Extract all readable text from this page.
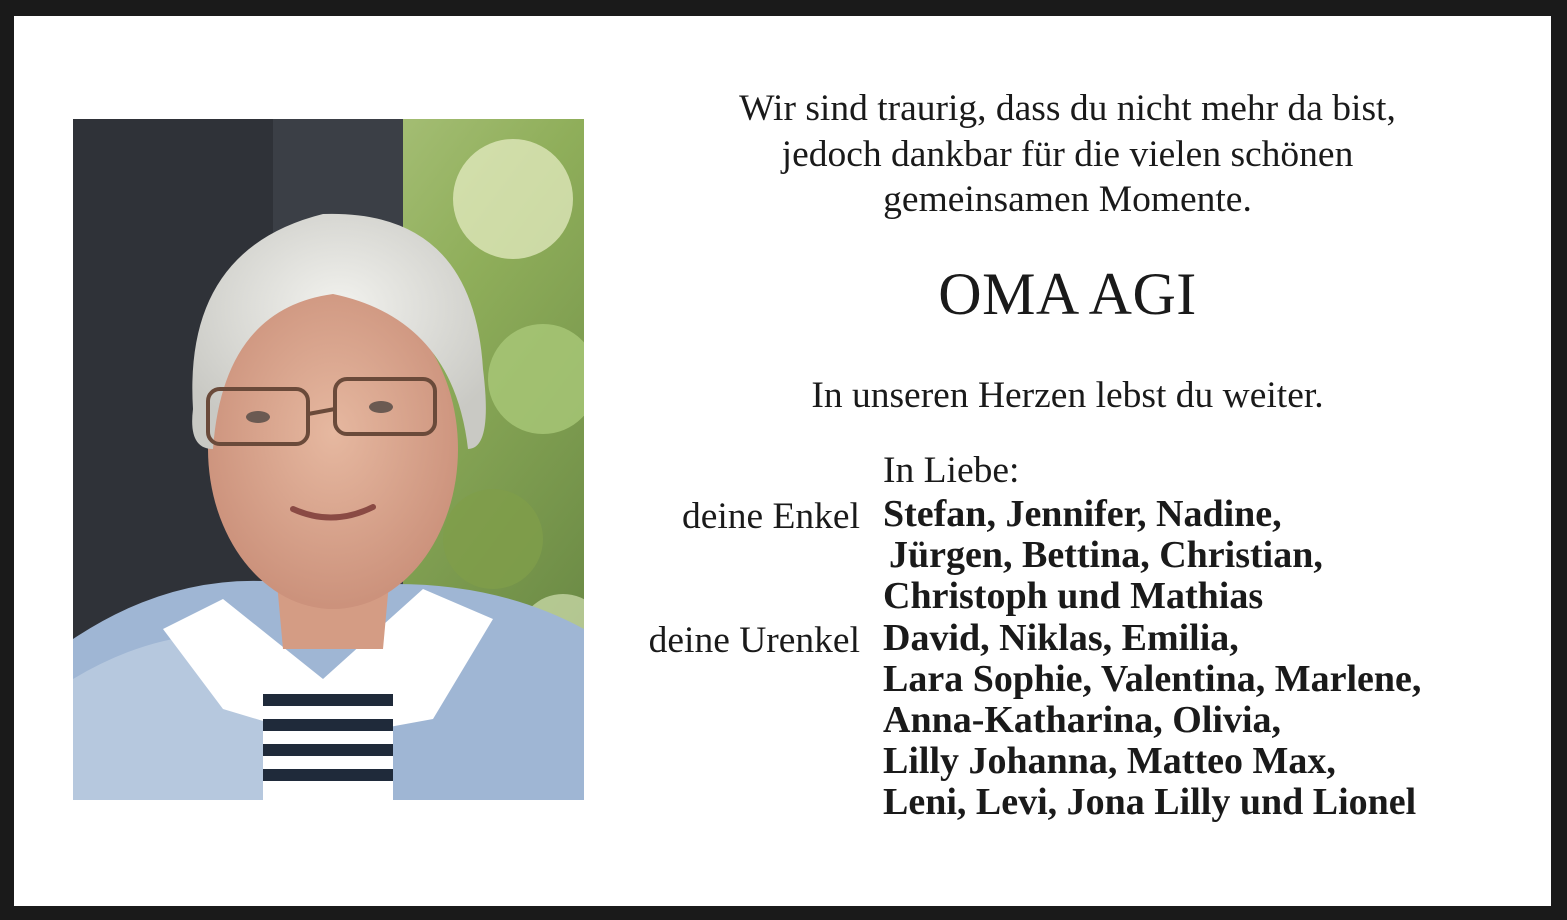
Wir sind traurig, dass du nicht mehr da bist,
jedoch dankbar für die vielen schönen
gemeinsamen Momente.

OMA AGI

In unseren Herzen lebst du weiter.

In Liebe:

deine Enkel Stefan, Jennifer, Nadine,
Jürgen, Bettina, Christian,
Christoph und Mathias
deine Urenkel David, Niklas, Emilia,
Lara Sophie, Valentina, Marlene,
Anna-Katharina, Olivia,
Lilly Johanna, Matteo Max,
Leni, Levi, Jona Lilly und Lionel
